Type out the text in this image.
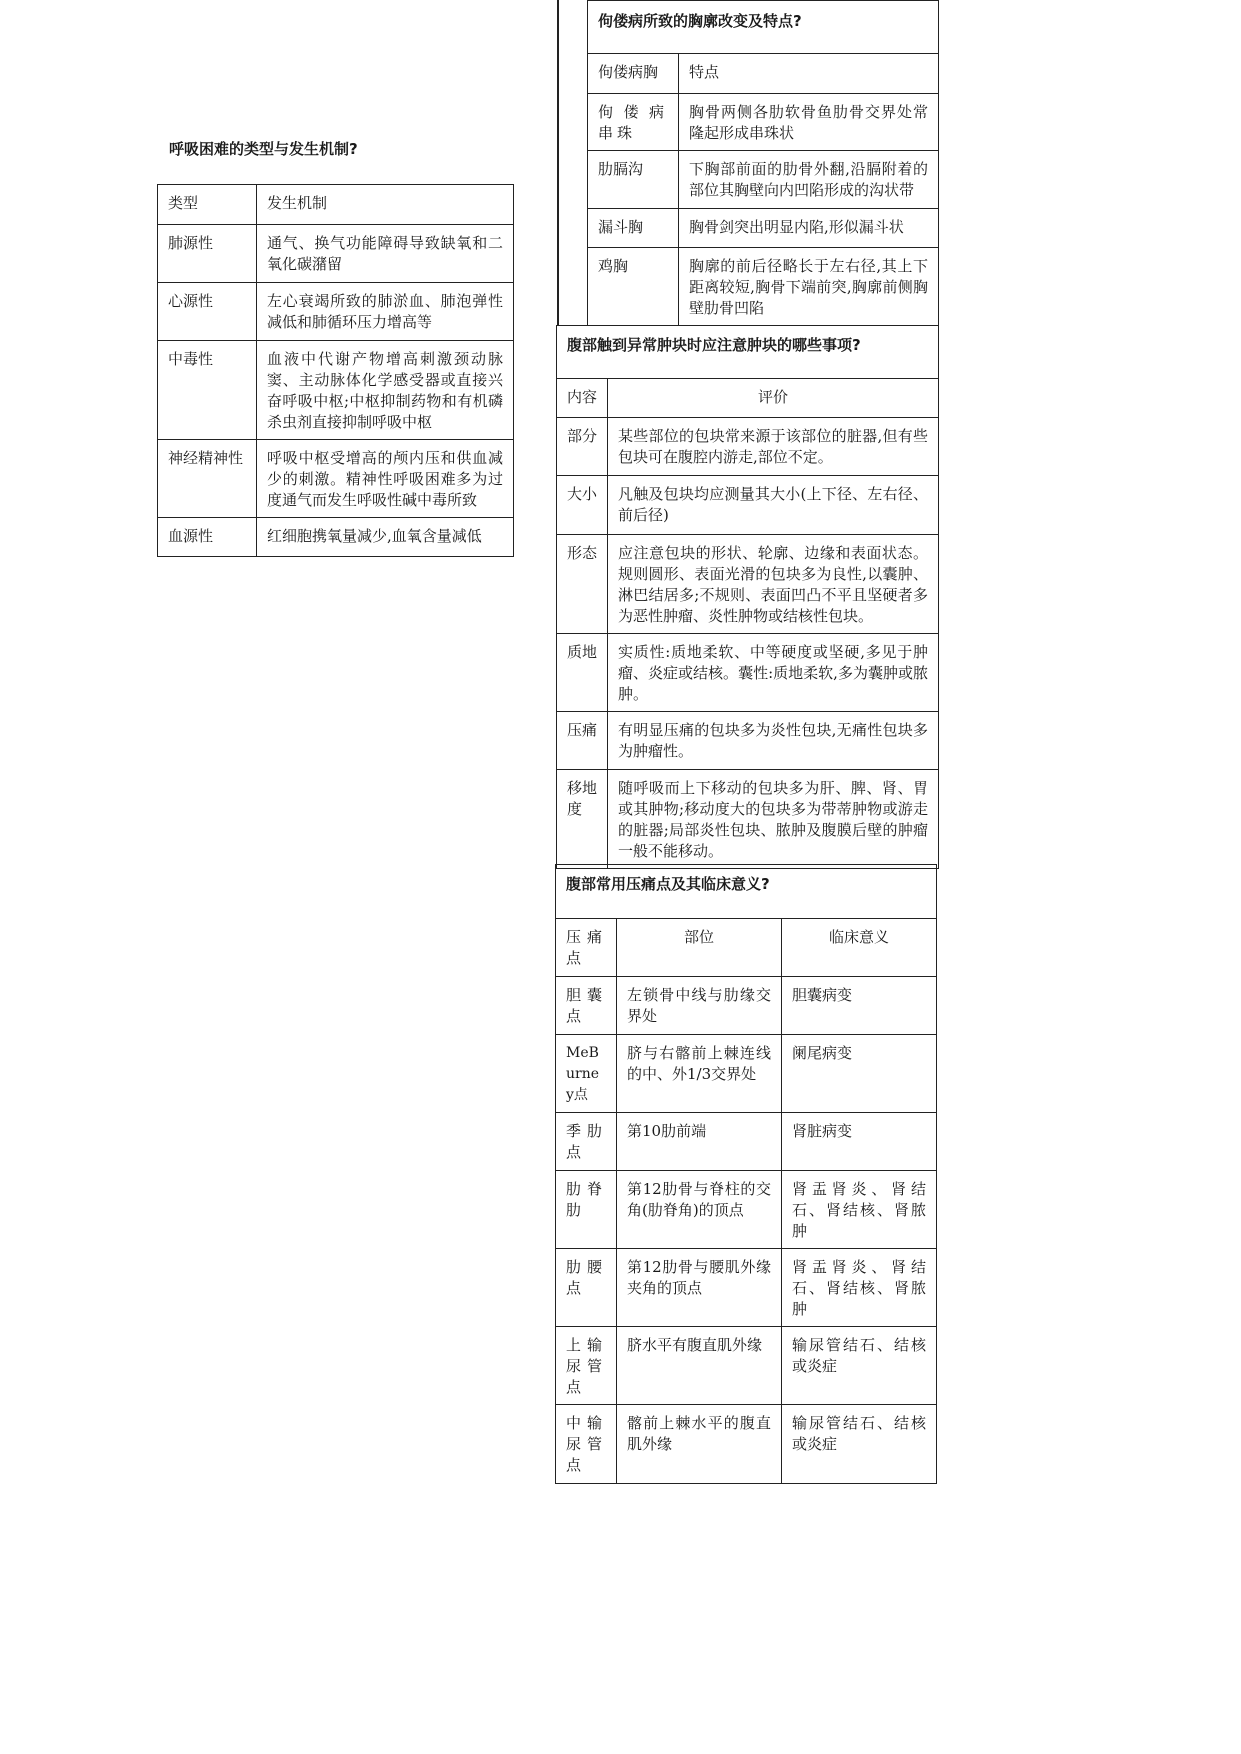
呼吸困难的类型与发生机制?
类型	发生机制
肺源性	通气、换气功能障碍导致缺氧和二氧化碳潴留
心源性	左心衰竭所致的肺淤血、肺泡弹性减低和肺循环压力增高等
中毒性	血液中代谢产物增高刺激颈动脉窦、主动脉体化学感受器或直接兴奋呼吸中枢;中枢抑制药物和有机磷杀虫剂直接抑制呼吸中枢
神经精神性	呼吸中枢受增高的颅内压和供血减少的刺激。精神性呼吸困难多为过度通气而发生呼吸性碱中毒所致
血源性	红细胞携氧量减少,血氧含量减低
佝偻病所致的胸廓改变及特点?	
佝偻病胸	特点
佝偻病串珠	胸骨两侧各肋软骨鱼肋骨交界处常隆起形成串珠状
肋膈沟	下胸部前面的肋骨外翻,沿膈附着的部位其胸壁向内凹陷形成的沟状带
漏斗胸	胸骨剑突出明显内陷,形似漏斗状
鸡胸	胸廓的前后径略长于左右径,其上下距离较短,胸骨下端前突,胸廓前侧胸壁肋骨凹陷
腹部触到异常肿块时应注意肿块的哪些事项?	
内容	评价
部分	某些部位的包块常来源于该部位的脏器,但有些包块可在腹腔内游走,部位不定。
大小	凡触及包块均应测量其大小(上下径、左右径、前后径)
形态	应注意包块的形状、轮廓、边缘和表面状态。规则圆形、表面光滑的包块多为良性,以囊肿、淋巴结居多;不规则、表面凹凸不平且坚硬者多为恶性肿瘤、炎性肿物或结核性包块。
质地	实质性:质地柔软、中等硬度或坚硬,多见于肿瘤、炎症或结核。囊性:质地柔软,多为囊肿或脓肿。
压痛	有明显压痛的包块多为炎性包块,无痛性包块多为肿瘤性。
移地度	随呼吸而上下移动的包块多为肝、脾、肾、胃或其肿物;移动度大的包块多为带蒂肿物或游走的脏器;局部炎性包块、脓肿及腹膜后壁的肿瘤一般不能移动。
腹部常用压痛点及其临床意义?		
压痛点	部位	临床意义
胆囊点	左锁骨中线与肋缘交界处	胆囊病变
MeBurney点	脐与右髂前上棘连线的中、外1/3交界处	阑尾病变
季肋点	第10肋前端	肾脏病变
肋脊肋	第12肋骨与脊柱的交角(肋脊角)的顶点	肾盂肾炎、肾结石、肾结核、肾脓肿
肋腰点	第12肋骨与腰肌外缘夹角的顶点	肾盂肾炎、肾结石、肾结核、肾脓肿
上输尿管点	脐水平有腹直肌外缘	输尿管结石、结核或炎症
中输尿管点	髂前上棘水平的腹直肌外缘	输尿管结石、结核或炎症
